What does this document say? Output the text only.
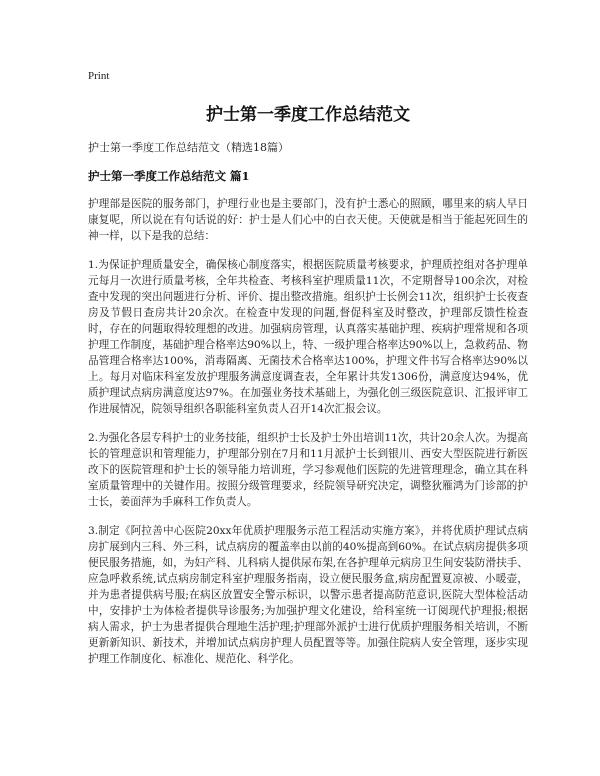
Print
护士第一季度工作总结范文

护士第一季度工作总结范文（精选18篇）

护士第一季度工作总结范文 篇1

护理部是医院的服务部门，护理行业也是主要部门，没有护士悉心的照顾，哪里来的病人早日康复呢，所以说在有句话说的好：护士是人们心中的白衣天使。天使就是相当于能起死回生的神一样，以下是我的总结：

1.为保证护理质量安全，确保核心制度落实，根据医院质量考核要求，护理质控组对各护理单元每月一次进行质量考核，全年共检查、考核科室护理质量11次，不定期督导100余次，对检查中发现的突出问题进行分析、评价、提出整改措施。组织护士长例会11次，组织护士长夜查房及节假日查房共计20余次。在检查中发现的问题,督促科室及时整改，护理部反馈性检查时，存在的问题取得较理想的改进。加强病房管理，认真落实基础护理、疾病护理常规和各项护理工作制度，基础护理合格率达90%以上，特、一级护理合格率达90%以上，急救药品、物品管理合格率达100%，消毒隔离、无菌技术合格率达100%，护理文件书写合格率达90%以上。每月对临床科室发放护理服务满意度调查表，全年累计共发1306份，满意度达94%，优质护理试点病房满意度达97%。在加强业务技术基础上，为强化创三级医院意识、汇报评审工作进展情况，院领导组织各职能科室负责人召开14次汇报会议。

2.为强化各层专科护士的业务技能，组织护士长及护士外出培训11次，共计20余人次。为提高长的管理意识和管理能力，护理部分别在7月和11月派护士长到银川、西安大型医院进行新医改下的医院管理和护士长的领导能力培训班，学习参观他们医院的先进管理理念，确立其在科室质量管理中的关键作用。按照分级管理要求，经院领导研究决定，调整狄雁鸿为门诊部的护士长，姜面萍为手麻科工作负责人。

3.制定《阿拉善中心医院20xx年优质护理服务示范工程活动实施方案》，并将优质护理试点病房扩展到内三科、外三科，试点病房的覆盖率由以前的40%提高到60%。在试点病房提供多项便民服务措施，如，为妇产科、儿科病人提供尿布架,在各护理单元病房卫生间安装防滑扶手、应急呼救系统,试点病房制定科室护理服务指南，设立便民服务盒,病房配置夏凉被、小暖壶，并为患者提供病号服;在病区放置安全警示标识，以警示患者提高防范意识,医院大型体检活动中，安排护士为体检者提供导诊服务;为加强护理文化建设，给科室统一订阅现代护理报;根据病人需求，护士为患者提供合理地生活护理;护理部外派护士进行优质护理服务相关培训，不断更新新知识、新技术，并增加试点病房护理人员配置等等。加强住院病人安全管理，逐步实现护理工作制度化、标准化、规范化、科学化。
